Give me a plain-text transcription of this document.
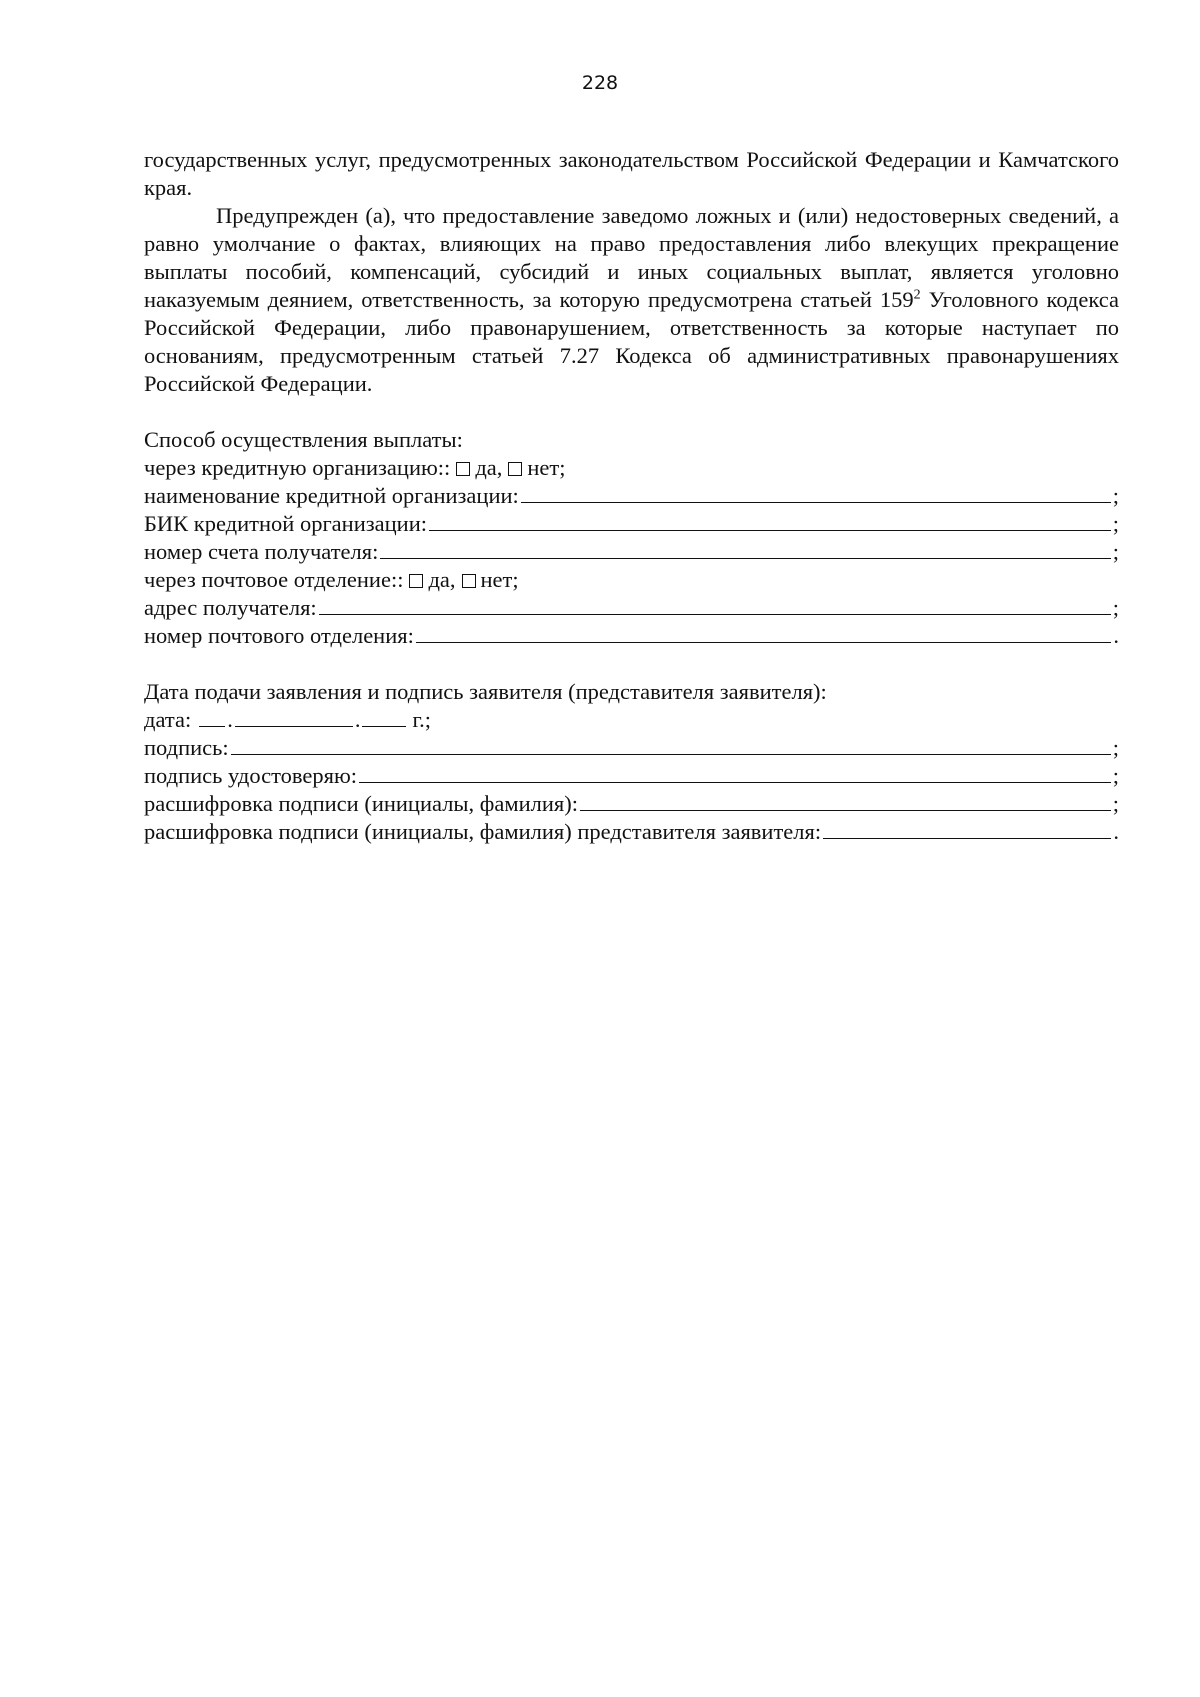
228

государственных услуг, предусмотренных законодательством Российской Федерации и Камчатского края.

Предупрежден (а), что предоставление заведомо ложных и (или) недостоверных сведений, а равно умолчание о фактах, влияющих на право предоставления либо влекущих прекращение выплаты пособий, компенсаций, субсидий и иных социальных выплат, является уголовно наказуемым деянием, ответственность, за которую предусмотрена статьей $159^2$ Уголовного кодекса Российской Федерации, либо правонарушением, ответственность за которые наступает по основаниям, предусмотренным статьей 7.27 Кодекса об административных правонарушениях Российской Федерации.

Способ осуществления выплаты:
через кредитную организацию:: да, нет;
наименование кредитной организации:	;
БИК кредитной организации:	;
номер счета получателя:	;
через почтовое отделение:: да, нет;
адрес получателя:	;
номер почтового отделения:	.
Дата подачи заявления и подпись заявителя (представителя заявителя):
дата: .	. г.;
подпись:	;
подпись удостоверяю:	;
расшифровка подписи (инициалы, фамилия):	;
расшифровка подписи (инициалы, фамилия) представителя заявителя:	.
